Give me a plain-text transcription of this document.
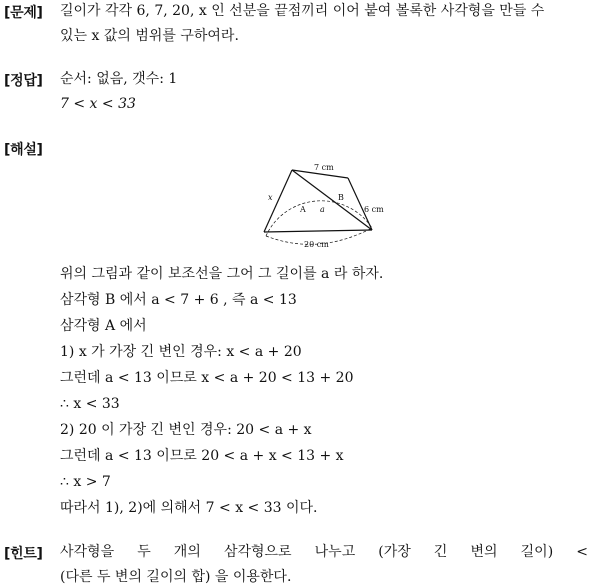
[문제] 길이가 각각 6, 7, 20, x 인 선분을 끝점끼리 이어 붙여 볼록한 사각형을 만들 수
있는 x 값의 범위를 구하여라.
[정답] 순서: 없음, 갯수: 1
7 < x < 33
[해설]
7 cm
6 cm
20 cm
x
A
B
a
위의 그림과 같이 보조선을 그어 그 길이를 a 라 하자.
삼각형 B 에서 a < 7 + 6 , 즉 a < 13
삼각형 A 에서
1) x 가 가장 긴 변인 경우: x < a + 20
그런데 a < 13 이므로 x < a + 20 < 13 + 20
∴ x < 33
2) 20 이 가장 긴 변인 경우: 20 < a + x
그런데 a < 13 이므로 20 < a + x < 13 + x
∴ x > 7
따라서 1), 2)에 의해서 7 < x < 33 이다.
[힌트] 사각형을 두 개의 삼각형으로 나누고 (가장 긴 변의 길이) <
(다른 두 변의 길이의 합) 을 이용한다.
